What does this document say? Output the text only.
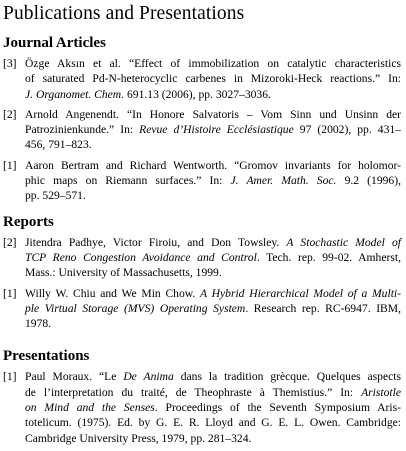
Publications and Presentations
Journal Articles
[3] Özge Aksın et al. “Effect of immobilization on catalytic characteristics
of saturated Pd-N-heterocyclic carbenes in Mizoroki-Heck reactions.” In:
J. Organomet. Chem. 691.13 (2006), pp. 3027–3036.
[2] Arnold Angenendt. “In Honore Salvatoris – Vom Sinn und Unsinn der
Patrozinienkunde.” In: Revue d’Histoire Ecclésiastique 97 (2002), pp. 431–
456, 791–823.
[1] Aaron Bertram and Richard Wentworth. “Gromov invariants for holomor-
phic maps on Riemann surfaces.” In: J. Amer. Math. Soc. 9.2 (1996),
pp. 529–571.
Reports
[2] Jitendra Padhye, Victor Firoiu, and Don Towsley. A Stochastic Model of
TCP Reno Congestion Avoidance and Control. Tech. rep. 99-02. Amherst,
Mass.: University of Massachusetts, 1999.
[1] Willy W. Chiu and We Min Chow. A Hybrid Hierarchical Model of a Multi-
ple Virtual Storage (MVS) Operating System. Research rep. RC-6947. IBM,
1978.
Presentations
[1] Paul Moraux. “Le De Anima dans la tradition grècque. Quelques aspects
de l’interpretation du traité, de Theophraste à Themistius.” In: Aristotle
on Mind and the Senses. Proceedings of the Seventh Symposium Aris-
totelicum. (1975). Ed. by G. E. R. Lloyd and G. E. L. Owen. Cambridge:
Cambridge University Press, 1979, pp. 281–324.
